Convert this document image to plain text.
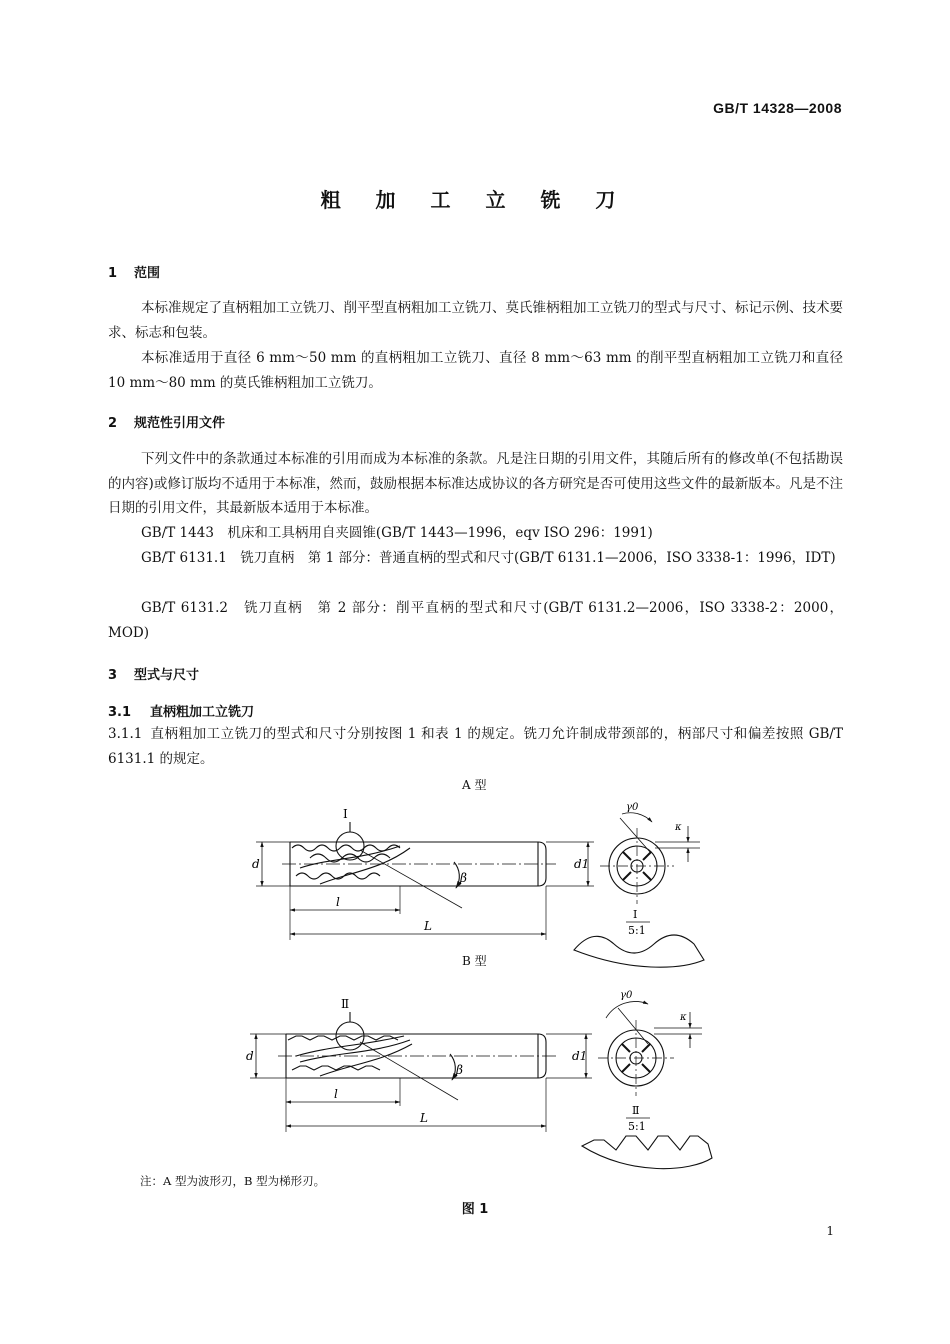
GB/T 14328—2008
粗 加 工 立 铣 刀
1 范围
本标准规定了直柄粗加工立铣刀、削平型直柄粗加工立铣刀、莫氏锥柄粗加工立铣刀的型式与尺寸、标记示例、技术要求、标志和包装。
本标准适用于直径 6 mm～50 mm 的直柄粗加工立铣刀、直径 8 mm～63 mm 的削平型直柄粗加工立铣刀和直径 10 mm～80 mm 的莫氏锥柄粗加工立铣刀。
2 规范性引用文件
下列文件中的条款通过本标准的引用而成为本标准的条款。凡是注日期的引用文件，其随后所有的修改单(不包括勘误的内容)或修订版均不适用于本标准，然而，鼓励根据本标准达成协议的各方研究是否可使用这些文件的最新版本。凡是不注日期的引用文件，其最新版本适用于本标准。
GB/T 1443　机床和工具柄用自夹圆锥(GB/T 1443—1996，eqv ISO 296：1991)
GB/T 6131.1　铣刀直柄　第 1 部分：普通直柄的型式和尺寸(GB/T 6131.1—2006，ISO 3338-1：1996，IDT)
GB/T 6131.2　铣刀直柄　第 2 部分：削平直柄的型式和尺寸(GB/T 6131.2—2006，ISO 3338-2：2000，MOD)
3 型式与尺寸
3.1 直柄粗加工立铣刀
3.1.1 直柄粗加工立铣刀的型式和尺寸分别按图 1 和表 1 的规定。铣刀允许制成带颈部的，柄部尺寸和偏差按照 GB/T 6131.1 的规定。
A 型
B 型
d	d1
l
L
β
Ⅰ	γ0
κ
Ⅰ
5:1
d	d1
l
L
β
Ⅱ
γ0
κ
Ⅱ
5:1
注：A 型为波形刃，B 型为梯形刃。
图 1
1
